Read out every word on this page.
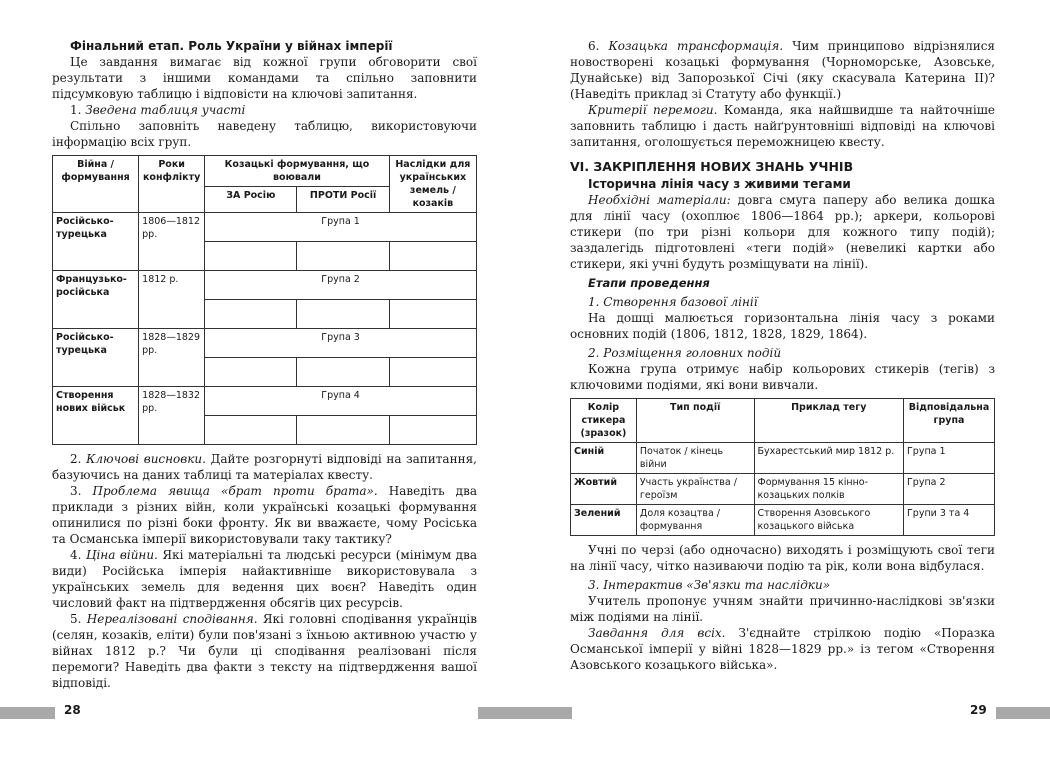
Фінальний етап. Роль України у війнах імперії

Це завдання вимагає від кожної групи обговорити свої результати з іншими командами та спільно заповнити підсумковую таблицю і відповісти на ключові запитання.

1. Зведена таблиця участі

Спільно заповніть наведену таблицю, використовуючи інформацію всіх груп.

Війна / формування	Роки конфлікту	Козацькі формування, що воювали		Наслідки для українських земель / козаків
		ЗА Росію	ПРОТИ Росії	
Російсько-турецька	1806—1812 рр.	Група 1		

Французько-російська	1812 р.	Група 2		

Російсько-турецька	1828—1829 рр.	Група 3		

Створення нових військ	1828—1832 рр.	Група 4		

2. Ключові висновки. Дайте розгорнуті відповіді на запитання, базуючись на даних таблиці та матеріалах квесту.

3. Проблема явища «брат проти брата». Наведіть два приклади з різних війн, коли українські козацькі формування опинилися по різні боки фронту. Як ви вважаєте, чому Росіська та Османська імперії використовували таку тактику?

4. Ціна війни. Які матеріальні та людські ресурси (мінімум два види) Російська імперія найактивніше використовувала з українських земель для ведення цих воєн? Наведіть один числовий факт на підтвердження обсягів цих ресурсів.

5. Нереалізовані сподівання. Які головні сподівання українців (селян, козаків, еліти) були пов'язані з їхньою активною участю у війнах 1812 р.? Чи були ці сподівання реалізовані після перемоги? Наведіть два факти з тексту на підтвердження вашої відповіді.

6. Козацька трансформація. Чим принципово відрізнялися новостворені козацькі формування (Чорноморське, Азовське, Дунайське) від Запорозької Січі (яку скасувала Катерина ІІ)? (Наведіть приклад зі Статуту або функції.)

Критерії перемоги. Команда, яка найшвидше та найточніше заповнить таблицю і дасть найґрунтовніші відповіді на ключові запитання, оголошується переможницею квесту.

VI. ЗАКРІПЛЕННЯ НОВИХ ЗНАНЬ УЧНІВ

Історична лінія часу з живими тегами

Необхідні матеріали: довга смуга паперу або велика дошка для лінії часу (охоплює 1806—1864 рр.); аркери, кольорові стикери (по три різні кольори для кожного типу подій); заздалегідь підготовлені «теги подій» (невеликі картки або стикери, які учні будуть розміщувати на лінії).

Етапи проведення

1. Створення базової лінії

На дошці малюється горизонтальна лінія часу з роками основних подій (1806, 1812, 1828, 1829, 1864).

2. Розміщення головних подій

Кожна група отримує набір кольорових стикерів (тегів) з ключовими подіями, які вони вивчали.

Колір стикера (зразок)	Тип події	Приклад тегу	Відповідальна група
Синій	Початок / кінець війни	Бухарестський мир 1812 р.	Група 1
Жовтий	Участь українства / героїзм	Формування 15 кінно-козацьких полків	Група 2
Зелений	Доля козацтва / формування	Створення Азовського козацького війська	Групи 3 та 4

Учні по черзі (або одночасно) виходять і розміщують свої теги на лінії часу, чітко називаючи подію та рік, коли вона відбулася.

3. Інтерактив «Зв'язки та наслідки»

Учитель пропонує учням знайти причинно-наслідкові зв'язки між подіями на лінії.

Завдання для всіх. З'єднайте стрілкою подію «Поразка Османської імперії у війні 1828—1829 рр.» із тегом «Створення Азовського козацького війська».

28	29
